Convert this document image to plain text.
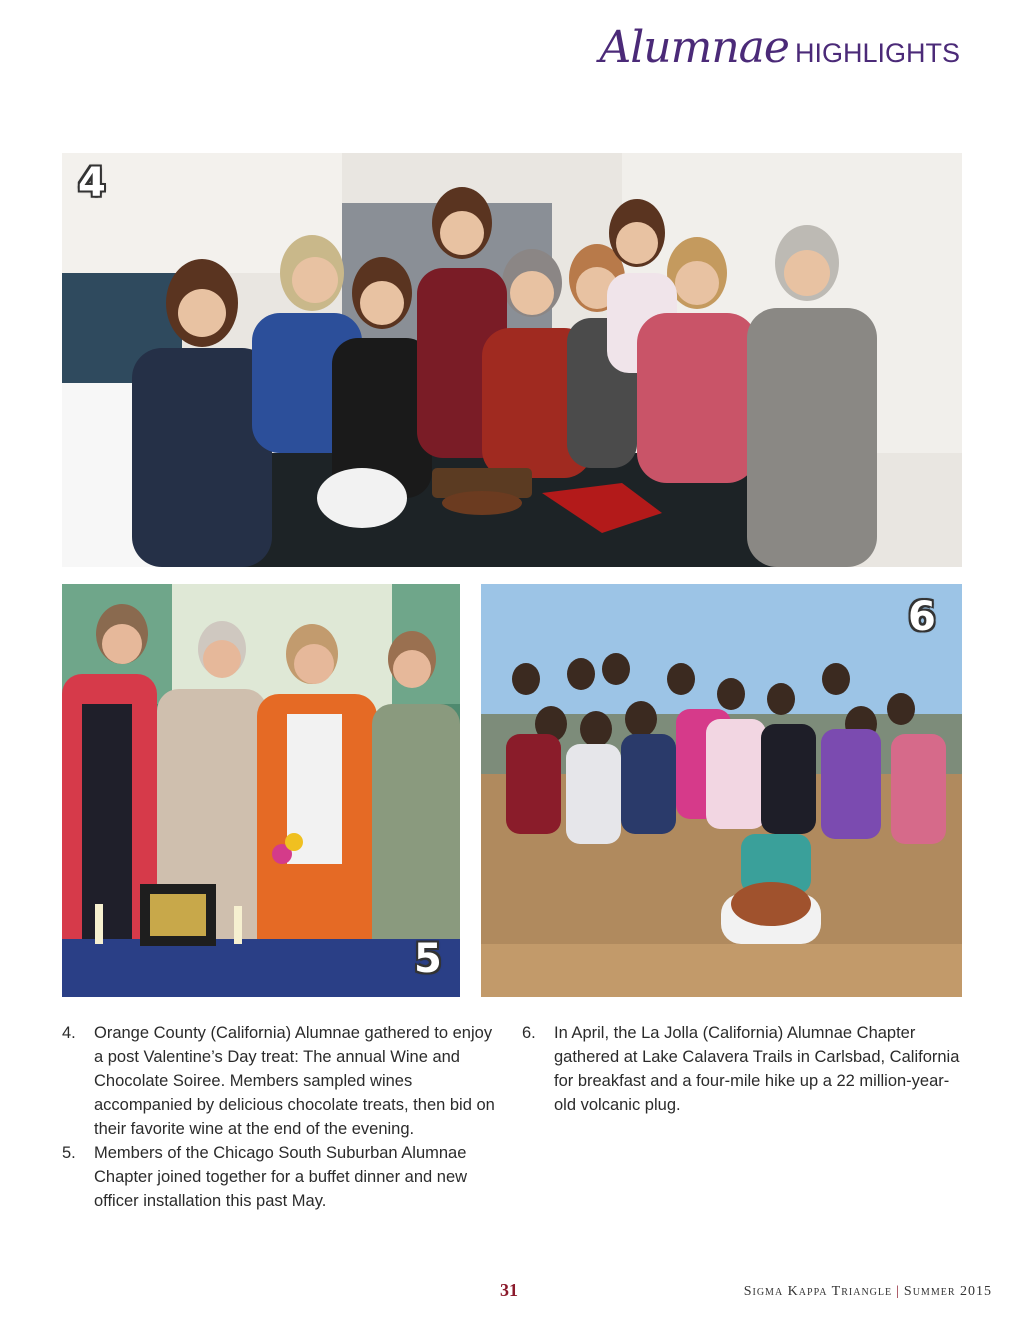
Alumnae HIGHLIGHTS
4
5
6
4.	Orange County (California) Alumnae gathered to enjoy a post Valentine’s Day treat: The annual Wine and Chocolate Soiree. Members sampled wines accompanied by delicious chocolate treats, then bid on their favorite wine at the end of the evening.
5.	Members of the Chicago South Suburban Alumnae Chapter joined together for a buffet dinner and new officer installation this past May.
6.	In April, the La Jolla (California) Alumnae Chapter gathered at Lake Calavera Trails in Carlsbad, California for breakfast and a four-mile hike up a 22 million-year-old volcanic plug.
31	Sigma Kappa Triangle | Summer 2015
